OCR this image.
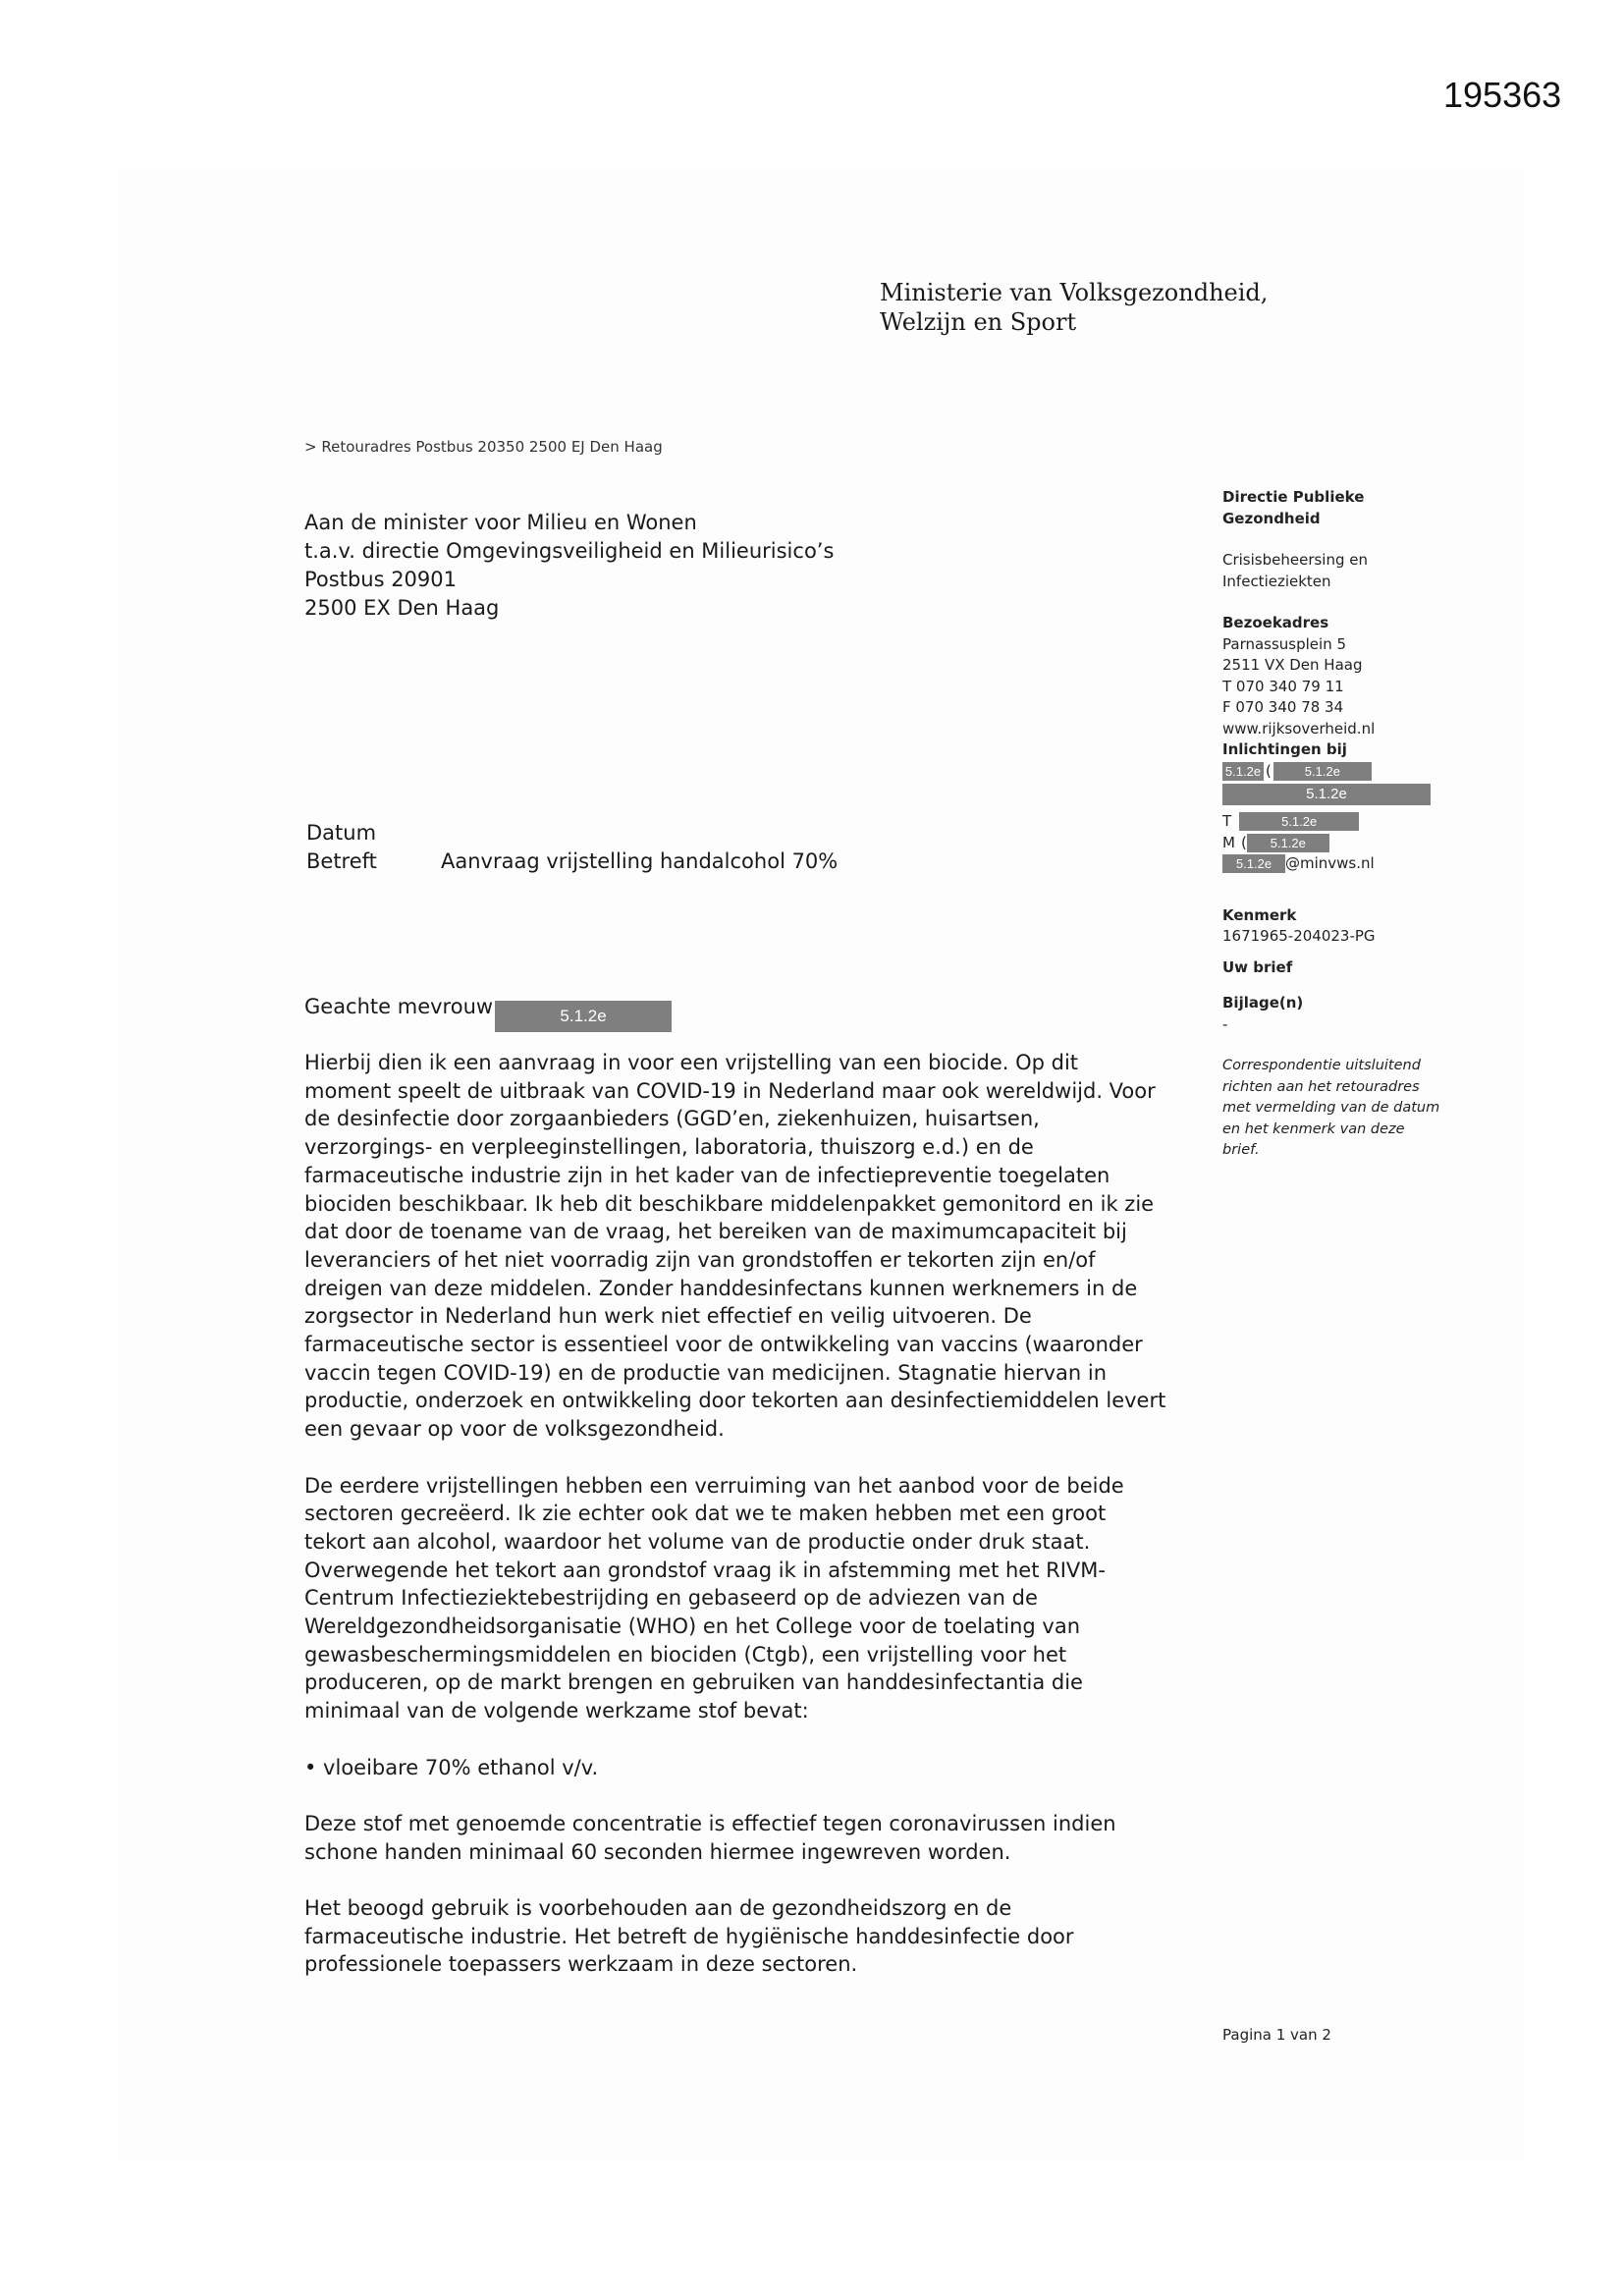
195363
Ministerie van Volksgezondheid,
Welzijn en Sport
> Retouradres Postbus 20350 2500 EJ Den Haag
Aan de minister voor Milieu en Wonen
t.a.v. directie Omgevingsveiligheid en Milieurisico’s
Postbus 20901
2500 EX Den Haag
Datum
Betreft	Aanvraag vrijstelling handalcohol 70%
Geachte mevrouw	5.1.2e

Hierbij dien ik een aanvraag in voor een vrijstelling van een biocide. Op dit
moment speelt de uitbraak van COVID-19 in Nederland maar ook wereldwijd. Voor
de desinfectie door zorgaanbieders (GGD’en, ziekenhuizen, huisartsen,
verzorgings- en verpleeginstellingen, laboratoria, thuiszorg e.d.) en de
farmaceutische industrie zijn in het kader van de infectiepreventie toegelaten
biociden beschikbaar. Ik heb dit beschikbare middelenpakket gemonitord en ik zie
dat door de toename van de vraag, het bereiken van de maximumcapaciteit bij
leveranciers of het niet voorradig zijn van grondstoffen er tekorten zijn en/of
dreigen van deze middelen. Zonder handdesinfectans kunnen werknemers in de
zorgsector in Nederland hun werk niet effectief en veilig uitvoeren. De
farmaceutische sector is essentieel voor de ontwikkeling van vaccins (waaronder
vaccin tegen COVID-19) en de productie van medicijnen. Stagnatie hiervan in
productie, onderzoek en ontwikkeling door tekorten aan desinfectiemiddelen levert
een gevaar op voor de volksgezondheid.

De eerdere vrijstellingen hebben een verruiming van het aanbod voor de beide
sectoren gecreëerd. Ik zie echter ook dat we te maken hebben met een groot
tekort aan alcohol, waardoor het volume van de productie onder druk staat.
Overwegende het tekort aan grondstof vraag ik in afstemming met het RIVM-
Centrum Infectieziektebestrijding en gebaseerd op de adviezen van de
Wereldgezondheidsorganisatie (WHO) en het College voor de toelating van
gewasbeschermingsmiddelen en biociden (Ctgb), een vrijstelling voor het
produceren, op de markt brengen en gebruiken van handdesinfectantia die
minimaal van de volgende werkzame stof bevat:

• vloeibare 70% ethanol v/v.

Deze stof met genoemde concentratie is effectief tegen coronavirussen indien
schone handen minimaal 60 seconden hiermee ingewreven worden.

Het beoogd gebruik is voorbehouden aan de gezondheidszorg en de
farmaceutische industrie. Het betreft de hygiënische handdesinfectie door
professionele toepassers werkzaam in deze sectoren.

Directie Publieke
Gezondheid
Crisisbeheersing en
Infectieziekten
Bezoekadres
Parnassusplein 5
2511 VX Den Haag
T 070 340 79 11
F 070 340 78 34
www.rijksoverheid.nl
Inlichtingen bij
5.1.2e (	5.1.2e
5.1.2e
T	5.1.2e
M ( 5.1.2e
5.1.2e @minvws.nl
Kenmerk
1671965-204023-PG
Uw brief
Bijlage(n)
-
Correspondentie uitsluitend
richten aan het retouradres
met vermelding van de datum
en het kenmerk van deze
brief.
Pagina 1 van 2
